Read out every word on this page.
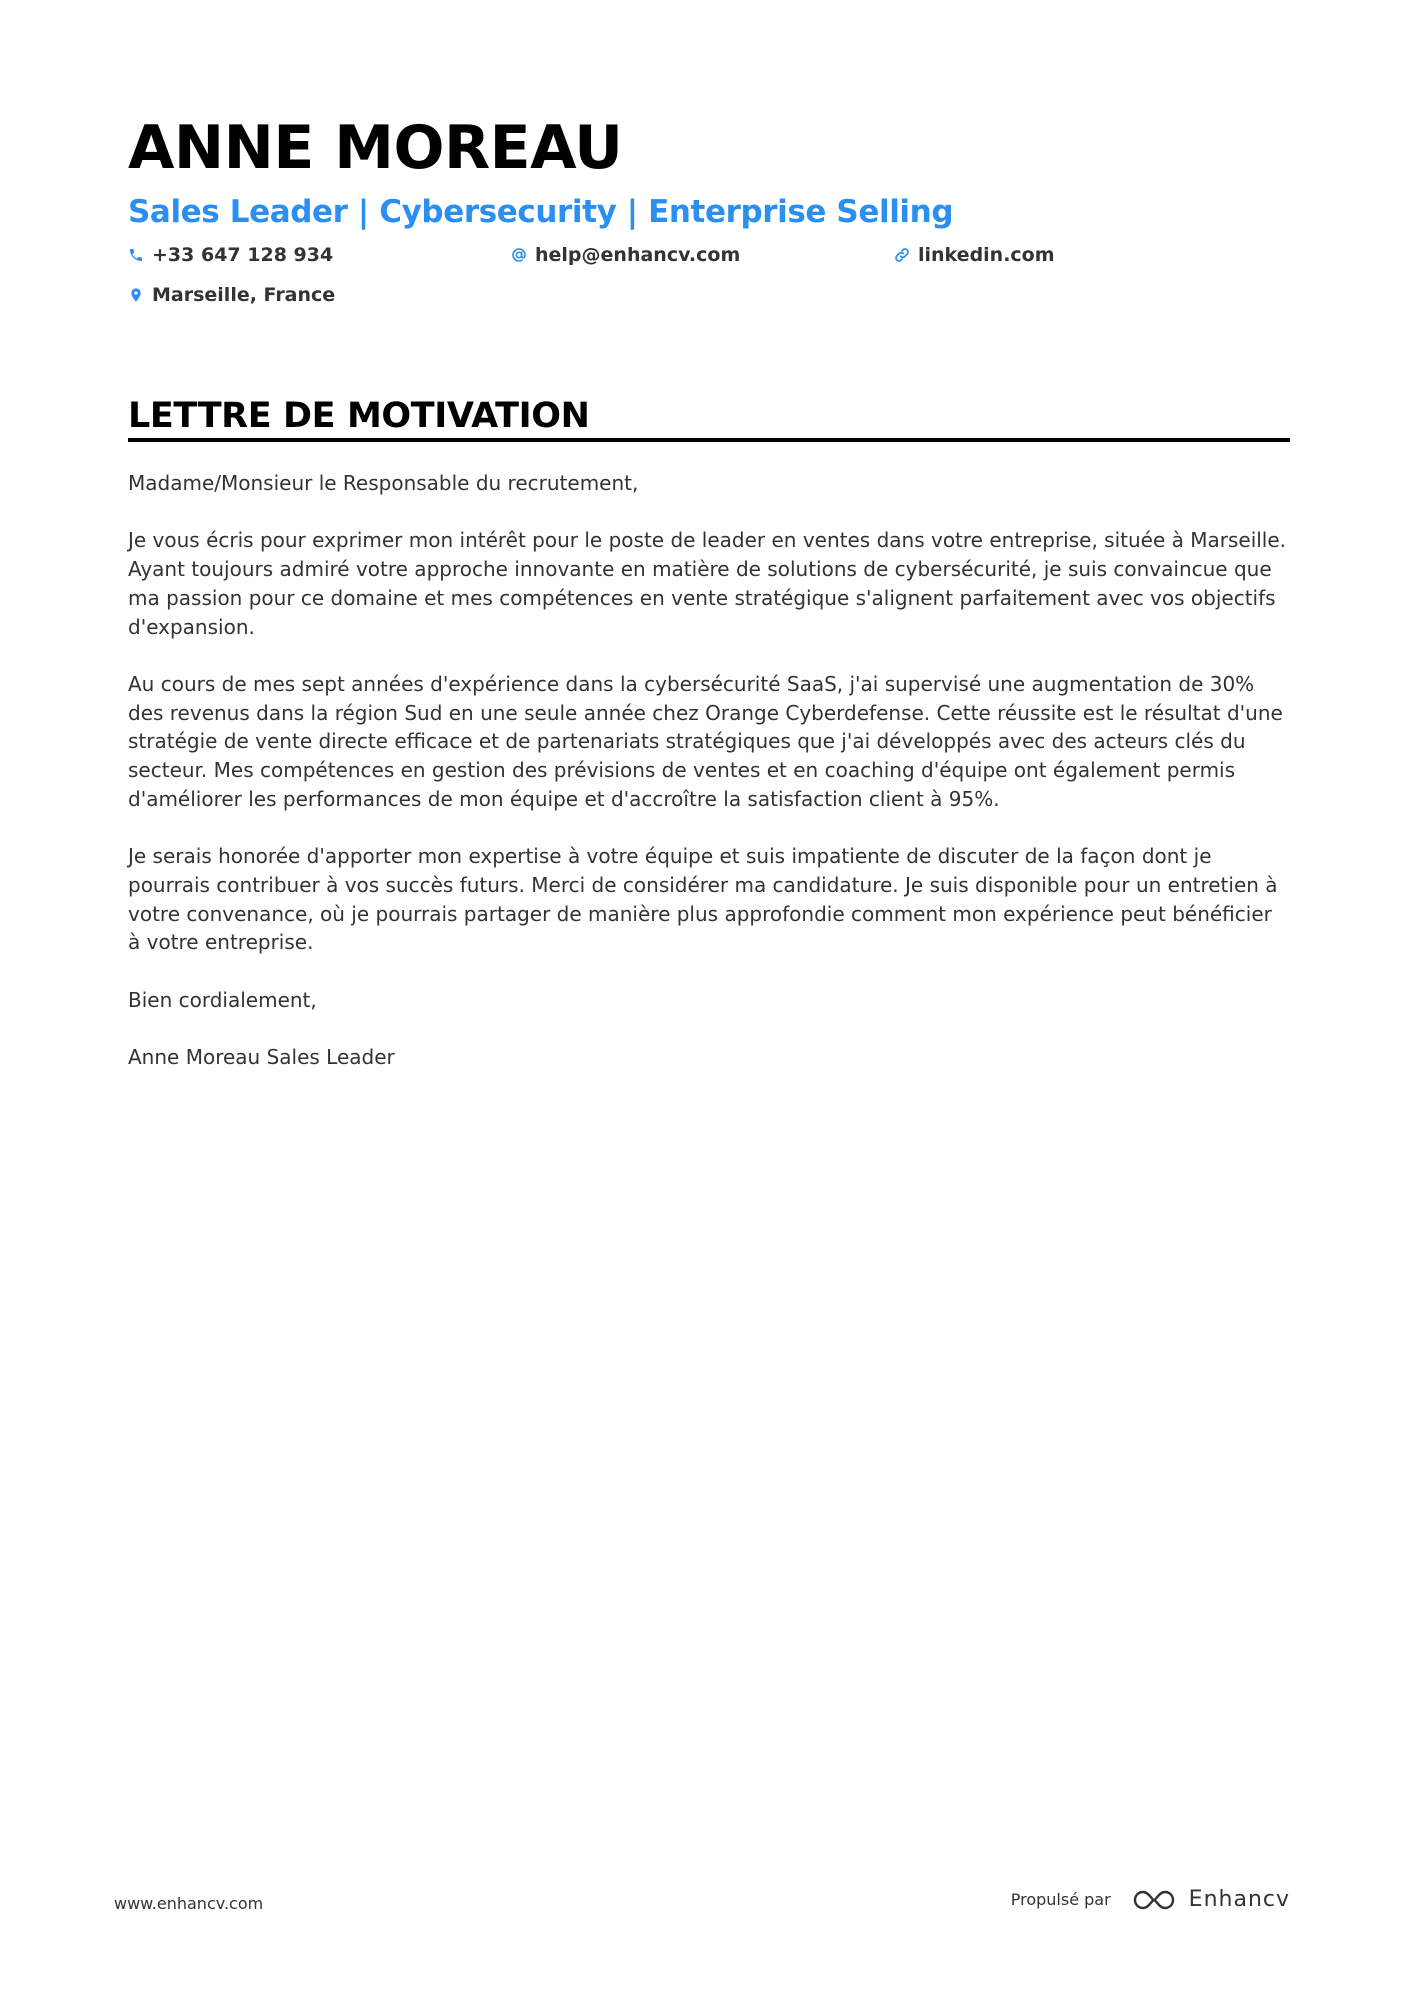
ANNE MOREAU
Sales Leader | Cybersecurity | Enterprise Selling
+33 647 128 934	help@enhancv.com	linkedin.com
Marseille, France
LETTRE DE MOTIVATION

Madame/Monsieur le Responsable du recrutement,

Je vous écris pour exprimer mon intérêt pour le poste de leader en ventes dans votre entreprise, située à Marseille. Ayant toujours admiré votre approche innovante en matière de solutions de cybersécurité, je suis convaincue que ma passion pour ce domaine et mes compétences en vente stratégique s'alignent parfaitement avec vos objectifs d'expansion.

Au cours de mes sept années d'expérience dans la cybersécurité SaaS, j'ai supervisé une augmentation de 30% des revenus dans la région Sud en une seule année chez Orange Cyberdefense. Cette réussite est le résultat d'une stratégie de vente directe efficace et de partenariats stratégiques que j'ai développés avec des acteurs clés du secteur. Mes compétences en gestion des prévisions de ventes et en coaching d'équipe ont également permis d'améliorer les performances de mon équipe et d'accroître la satisfaction client à 95%.

Je serais honorée d'apporter mon expertise à votre équipe et suis impatiente de discuter de la façon dont je pourrais contribuer à vos succès futurs. Merci de considérer ma candidature. Je suis disponible pour un entretien à votre convenance, où je pourrais partager de manière plus approfondie comment mon expérience peut bénéficier à votre entreprise.

Bien cordialement,

Anne Moreau Sales Leader

www.enhancv.com	Propulsé par	Enhancv
